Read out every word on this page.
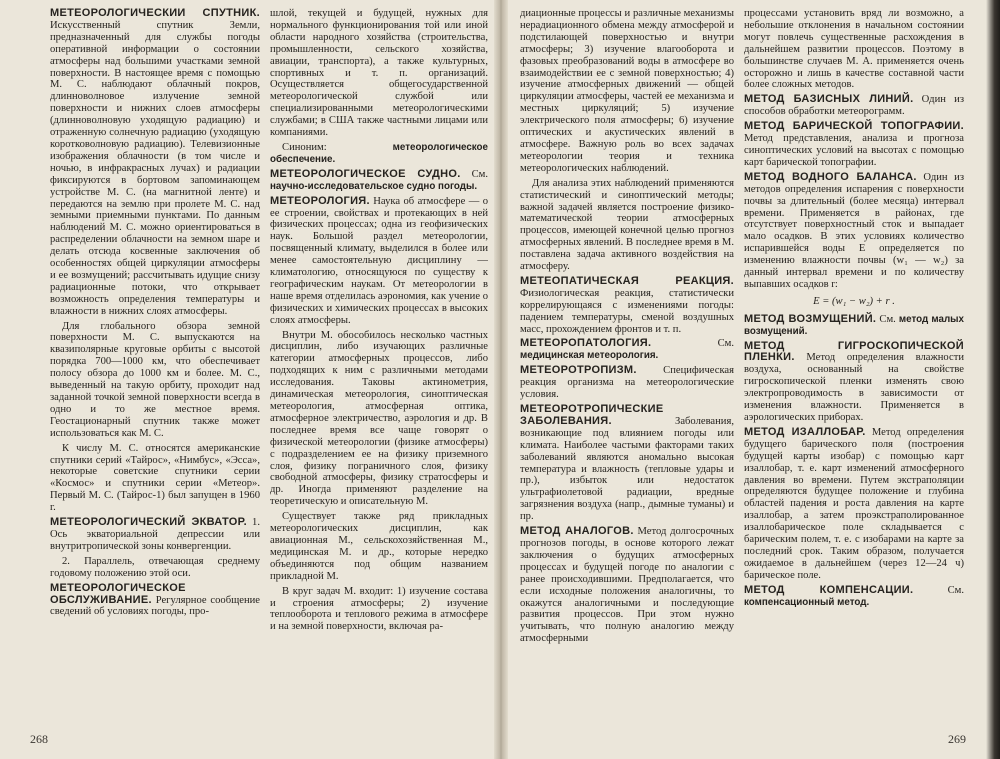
МЕТЕОРОЛОГИЧЕСКИЙ СПУТНИК. Искусственный спутник Земли, предназначенный для службы погоды оперативной информации о состоянии атмосферы над большими участками земной поверхности. В настоящее время с помощью М. С. наблюдают облачный покров, длинноволновое излучение земной поверхности и нижних слоев атмосферы (длинноволновую уходящую радиацию) и отраженную солнечную радиацию (уходящую коротковолновую радиацию). Телевизионные изображения облачности (в том числе и ночью, в инфракрасных лучах) и радиации фиксируются в бортовом запоминающем устройстве М. С. (на магнитной ленте) и передаются на землю при пролете М. С. над земными приемными пунктами. По данным наблюдений М. С. можно ориентироваться в распределении облачности на земном шаре и делать отсюда косвенные заключения об особенностях общей циркуляции атмосферы и ее возмущений; рассчитывать идущие снизу радиационные потоки, что открывает возможность определения температуры и влажности в нижних слоях атмосферы.

Для глобального обзора земной поверхности М. С. выпускаются на квазиполярные круговые орбиты с высотой порядка 700—1000 км, что обеспечивает полосу обзора до 1000 км и более. М. С., выведенный на такую орбиту, проходит над заданной точкой земной поверхности всегда в одно и то же местное время. Геостационарный спутник также может использоваться как М. С.

К числу М. С. относятся американские спутники серий «Тайрос», «Нимбус», «Эсса», некоторые советские спутники серии «Космос» и спутники серии «Метеор». Первый М. С. (Тайрос-1) был запущен в 1960 г.

МЕТЕОРОЛОГИЧЕСКИЙ ЭКВАТОР. 1. Ось экваториальной депрессии или внутритропической зоны конвергенции.

2. Параллель, отвечающая среднему годовому положению этой оси.

МЕТЕОРОЛОГИЧЕСКОЕ ОБСЛУЖИВАНИЕ. Регулярное сообщение сведений об условиях погоды, про-

шлой, текущей и будущей, нужных для нормального функционирования той или иной области народного хозяйства (строительства, промышленности, сельского хозяйства, авиации, транспорта), а также культурных, спортивных и т. п. организаций. Осуществляется общегосударственной метеорологической службой или специализированными метеорологическими службами; в США также частными лицами или компаниями.

Синоним: метеорологическое обеспечение.

МЕТЕОРОЛОГИЧЕСКОЕ СУДНО. См. научно-исследовательское судно погоды.

МЕТЕОРОЛОГИЯ. Наука об атмосфере — о ее строении, свойствах и протекающих в ней физических процессах; одна из геофизических наук. Большой раздел метеорологии, посвященный климату, выделился в более или менее самостоятельную дисциплину — климатологию, относящуюся по существу к географическим наукам. От метеорологии в наше время отделилась аэрономия, как учение о физических и химических процессах в высоких слоях атмосферы.

Внутри М. обособилось несколько частных дисциплин, либо изучающих различные категории атмосферных процессов, либо подходящих к ним с различными методами исследования. Таковы актинометрия, динамическая метеорология, синоптическая метеорология, атмосферная оптика, атмосферное электричество, аэрология и др. В последнее время все чаще говорят о физической метеорологии (физике атмосферы) с подразделением ее на физику приземного слоя, физику пограничного слоя, физику свободной атмосферы, физику стратосферы и др. Иногда применяют разделение на теоретическую и описательную М.

Существует также ряд прикладных метеорологических дисциплин, как авиационная М., сельскохозяйственная М., медицинская М. и др., которые нередко объединяются под общим названием прикладной М.

В круг задач М. входит: 1) изучение состава и строения атмосферы; 2) изучение теплооборота и теплового режима в атмосфере и на земной поверхности, включая ра-

268

диационные процессы и различные механизмы нерадиационного обмена между атмосферой и подстилающей поверхностью и внутри атмосферы; 3) изучение влагооборота и фазовых преобразований воды в атмосфере во взаимодействии ее с земной поверхностью; 4) изучение атмосферных движений — общей циркуляции атмосферы, частей ее механизма и местных циркуляций; 5) изучение электрического поля атмосферы; 6) изучение оптических и акустических явлений в атмосфере. Важную роль во всех задачах метеорологии теория и техника метеорологических наблюдений.

Для анализа этих наблюдений применяются статистический и синоптический методы; важной задачей является построение физико-математической теории атмосферных процессов, имеющей конечной целью прогноз атмосферных явлений. В последнее время в М. поставлена задача активного воздействия на атмосферу.

МЕТЕОПАТИЧЕСКАЯ РЕАКЦИЯ. Физиологическая реакция, статистически коррелирующаяся с изменениями погоды: падением температуры, сменой воздушных масс, прохождением фронтов и т. п.

МЕТЕОРОПАТОЛОГИЯ. См. медицинская метеорология.

МЕТЕОРОТРОПИЗМ. Специфическая реакция организма на метеорологические условия.

МЕТЕОРОТРОПИЧЕСКИЕ ЗАБОЛЕВАНИЯ. Заболевания, возникающие под влиянием погоды или климата. Наиболее частыми факторами таких заболеваний являются аномально высокая температура и влажность (тепловые удары и пр.), избыток или недостаток ультрафиолетовой радиации, вредные загрязнения воздуха (напр., дымные туманы) и пр.

МЕТОД АНАЛОГОВ. Метод долгосрочных прогнозов погоды, в основе которого лежат заключения о будущих атмосферных процессах и будущей погоде по аналогии с ранее происходившими. Предполагается, что если исходные положения аналогичны, то окажутся аналогичными и последующие развития процессов. При этом нужно учитывать, что полную аналогию между атмосферными

процессами установить вряд ли возможно, а небольшие отклонения в начальном состоянии могут повлечь существенные расхождения в дальнейшем развитии процессов. Поэтому в большинстве случаев М. А. применяется очень осторожно и лишь в качестве составной части более сложных методов.

МЕТОД БАЗИСНЫХ ЛИНИЙ. Один из способов обработки метеорограмм.

МЕТОД БАРИЧЕСКОЙ ТОПОГРАФИИ. Метод представления, анализа и прогноза синоптических условий на высотах с помощью карт барической топографии.

МЕТОД ВОДНОГО БАЛАНСА. Один из методов определения испарения с поверхности почвы за длительный (более месяца) интервал времени. Применяется в районах, где отсутствует поверхностный сток и выпадает мало осадков. В этих условиях количество испарившейся воды E определяется по изменению влажности почвы (w₁ — w₂) за данный интервал времени и по количеству выпавших осадков r:

E = (w₁ − w₂) + r .

МЕТОД ВОЗМУЩЕНИЙ. См. метод малых возмущений.

МЕТОД ГИГРОСКОПИЧЕСКОЙ ПЛЕНКИ. Метод определения влажности воздуха, основанный на свойстве гигроскопической пленки изменять свою электропроводимость в зависимости от изменения влажности. Применяется в аэрологических приборах.

МЕТОД ИЗАЛЛОБАР. Метод определения будущего барического поля (построения будущей карты изобар) с помощью карт изаллобар, т. е. карт изменений атмосферного давления во времени. Путем экстраполяции определяются будущее положение и глубина областей падения и роста давления на карте изаллобар, а затем проэкстраполированное изаллобарическое поле складывается с барическим полем, т. е. с изобарами на карте за последний срок. Таким образом, получается ожидаемое в дальнейшем (через 12—24 ч) барическое поле.

МЕТОД КОМПЕНСАЦИИ. См. компенсационный метод.

269
